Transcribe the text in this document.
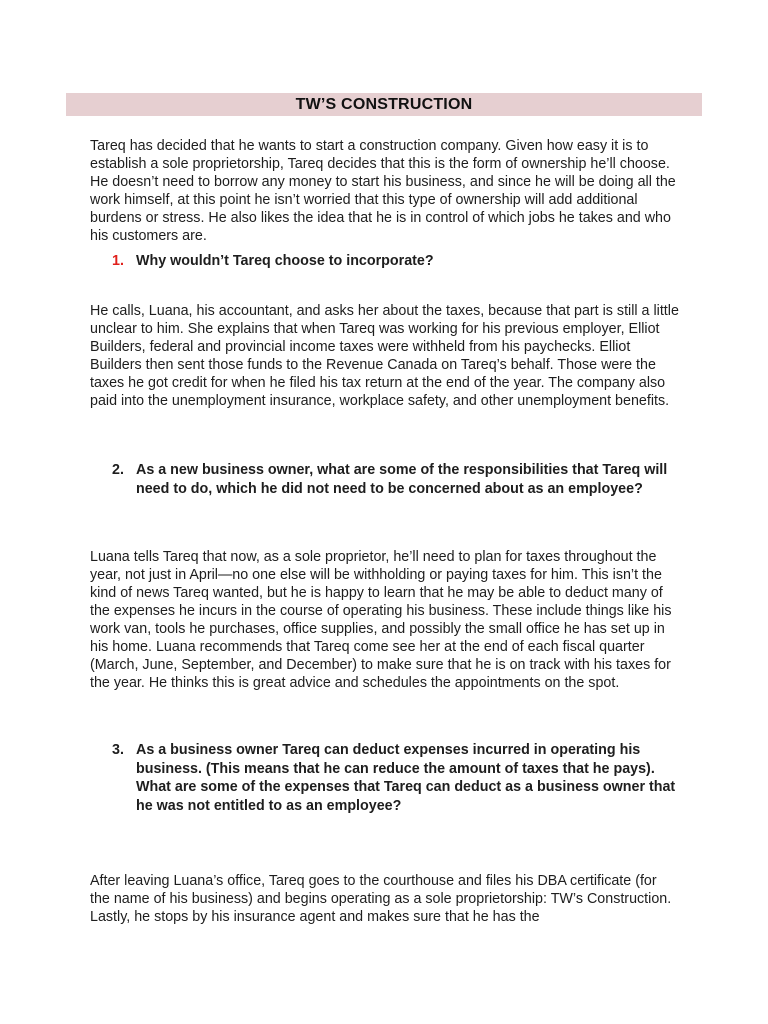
TW’S CONSTRUCTION

Tareq has decided that he wants to start a construction company. Given how easy it is to establish a sole proprietorship, Tareq decides that this is the form of ownership he’ll choose. He doesn’t need to borrow any money to start his business, and since he will be doing all the work himself, at this point he isn’t worried that this type of ownership will add additional burdens or stress. He also likes the idea that he is in control of which jobs he takes and who his customers are.

1. Why wouldn’t Tareq choose to incorporate?

He calls, Luana, his accountant, and asks her about the taxes, because that part is still a little unclear to him. She explains that when Tareq was working for his previous employer, Elliot Builders, federal and provincial income taxes were withheld from his paychecks. Elliot Builders then sent those funds to the Revenue Canada on Tareq’s behalf. Those were the taxes he got credit for when he filed his tax return at the end of the year. The company also paid into the unemployment insurance, workplace safety, and other unemployment benefits.

2. As a new business owner, what are some of the responsibilities that Tareq will need to do, which he did not need to be concerned about as an employee?

Luana tells Tareq that now, as a sole proprietor, he’ll need to plan for taxes throughout the year, not just in April—no one else will be withholding or paying taxes for him. This isn’t the kind of news Tareq wanted, but he is happy to learn that he may be able to deduct many of the expenses he incurs in the course of operating his business. These include things like his work van, tools he purchases, office supplies, and possibly the small office he has set up in his home. Luana recommends that Tareq come see her at the end of each fiscal quarter (March, June, September, and December) to make sure that he is on track with his taxes for the year. He thinks this is great advice and schedules the appointments on the spot.

3. As a business owner Tareq can deduct expenses incurred in operating his business. (This means that he can reduce the amount of taxes that he pays). What are some of the expenses that Tareq can deduct as a business owner that he was not entitled to as an employee?

After leaving Luana’s office, Tareq goes to the courthouse and files his DBA certificate (for the name of his business) and begins operating as a sole proprietorship: TW’s Construction. Lastly, he stops by his insurance agent and makes sure that he has the
